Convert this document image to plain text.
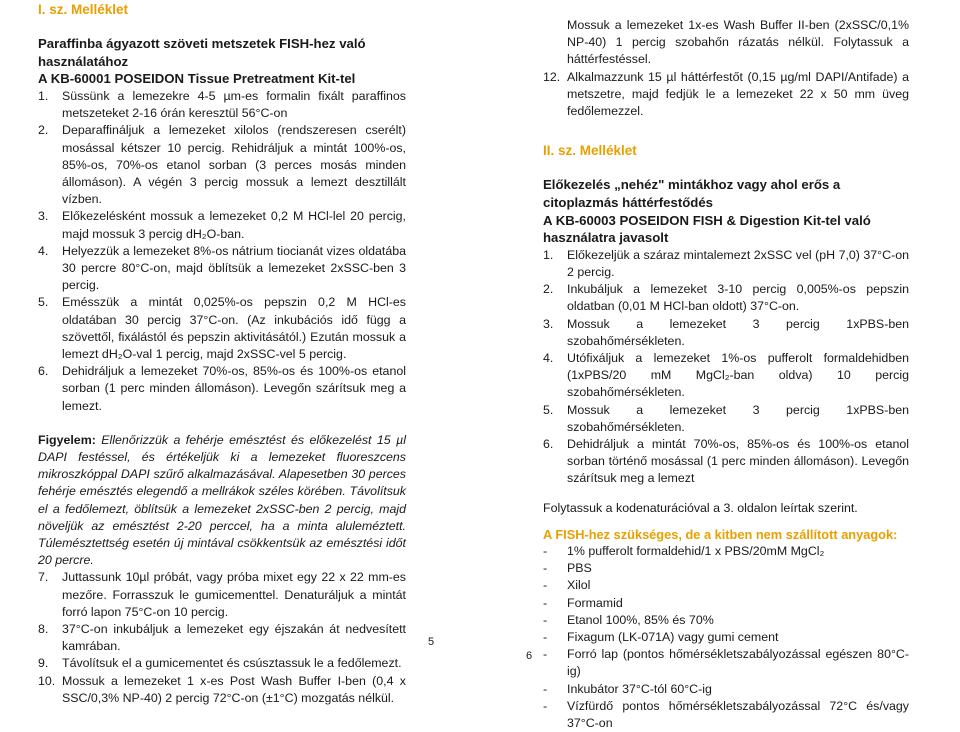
I. sz. Melléklet
Paraffinba ágyazott szöveti metszetek FISH-hez való
használatához
A KB-60001 POSEIDON Tissue Pretreatment Kit-tel
1.	Süssünk a lemezekre 4-5 µm-es formalin fixált paraffinos metszeteket 2-16 órán keresztül 56°C-on
2.	Deparaffináljuk a lemezeket xilolos (rendszeresen cserélt) mosással kétszer 10 percig. Rehidráljuk a mintát 100%-os, 85%-os, 70%-os etanol sorban (3 perces mosás minden állomáson). A végén 3 percig mossuk a lemezt desztillált vízben.
3.	Előkezelésként mossuk a lemezeket 0,2 M HCl-lel 20 percig, majd mossuk 3 percig dH₂O-ban.
4.	Helyezzük a lemezeket 8%-os nátrium tiocianát vizes oldatába 30 percre 80°C-on, majd öblítsük a lemezeket 2xSSC-ben 3 percig.
5.	Emésszük a mintát 0,025%-os pepszin 0,2 M HCl-es oldatában 30 percig 37°C-on. (Az inkubációs idő függ a szövettől, fixálástól és pepszin aktivitásától.) Ezután mossuk a lemezt dH₂O-val 1 percig, majd 2xSSC-vel 5 percig.
6.	Dehidráljuk a lemezeket 70%-os, 85%-os és 100%-os etanol sorban (1 perc minden állomáson). Levegőn szárítsuk meg a lemezt.
Figyelem: Ellenőrizzük a fehérje emésztést és előkezelést 15 µl DAPI festéssel, és értékeljük ki a lemezeket fluoreszcens mikroszkóppal DAPI szűrő alkalmazásával. Alapesetben 30 perces fehérje emésztés elegendő a mellrákok széles körében. Távolítsuk el a fedőlemezt, öblítsük a lemezeket 2xSSC-ben 2 percig, majd növeljük az emésztést 2-20 perccel, ha a minta aluleméztett. Túlemésztettség esetén új mintával csökkentsük az emésztési időt 20 percre.
7.	Juttassunk 10µl próbát, vagy próba mixet egy 22 x 22 mm-es mezőre. Forrasszuk le gumicementtel. Denaturáljuk a mintát forró lapon 75°C-on 10 percig.
8.	37°C-on inkubáljuk a lemezeket egy éjszakán át nedvesített kamrában.
9.	Távolítsuk el a gumicementet és csúsztassuk le a fedőlemezt.
10. Mossuk a lemezeket 1 x-es Post Wash Buffer I-ben (0,4 x SSC/0,3% NP-40) 2 percig 72°C-on (±1°C) mozgatás nélkül.
Mossuk a lemezeket 1x-es Wash Buffer II-ben (2xSSC/0,1% NP-40) 1 percig szobahőn rázatás nélkül. Folytassuk a háttérfestéssel.
12. Alkalmazzunk 15 µl háttérfestőt (0,15 µg/ml DAPI/Antifade) a metszetre, majd fedjük le a lemezeket 22 x 50 mm üveg fedőlemezzel.
II. sz. Melléklet
Előkezelés „nehéz" mintákhoz vagy ahol erős a
citoplazmás háttérfestődés
A KB-60003 POSEIDON FISH & Digestion Kit-tel való
használatra javasolt
1.	Előkezeljük a száraz mintalemezt 2xSSC vel (pH 7,0) 37°C-on 2 percig.
2.	Inkubáljuk a lemezeket 3-10 percig 0,005%-os pepszin oldatban (0,01 M HCl-ban oldott) 37°C-on.
3.	Mossuk a lemezeket 3 percig 1xPBS-ben szobahőmérsékleten.
4.	Utófixáljuk a lemezeket 1%-os pufferolt formaldehidben (1xPBS/20 mM MgCl₂-ban oldva) 10 percig szobahőmérsékleten.
5.	Mossuk a lemezeket 3 percig 1xPBS-ben szobahőmérsékleten.
6.	Dehidráljuk a mintát 70%-os, 85%-os és 100%-os etanol sorban történő mosással (1 perc minden állomáson). Levegőn szárítsuk meg a lemezt
Folytassuk a kodenaturációval a 3. oldalon leírtak szerint.
A FISH-hez szükséges, de a kitben nem szállított anyagok:
-	1% pufferolt formaldehid/1 x PBS/20mM MgCl₂
-	PBS
-	Xilol
-	Formamid
-	Etanol 100%, 85% és 70%
-	Fixagum (LK-071A) vagy gumi cement
-	Forró lap (pontos hőmérsékletszabályozással egészen 80°C-ig)
-	Inkubátor 37°C-tól 60°C-ig
-	Vízfürdő pontos hőmérsékletszabályozással 72°C és/vagy 37°C-on
5
6
